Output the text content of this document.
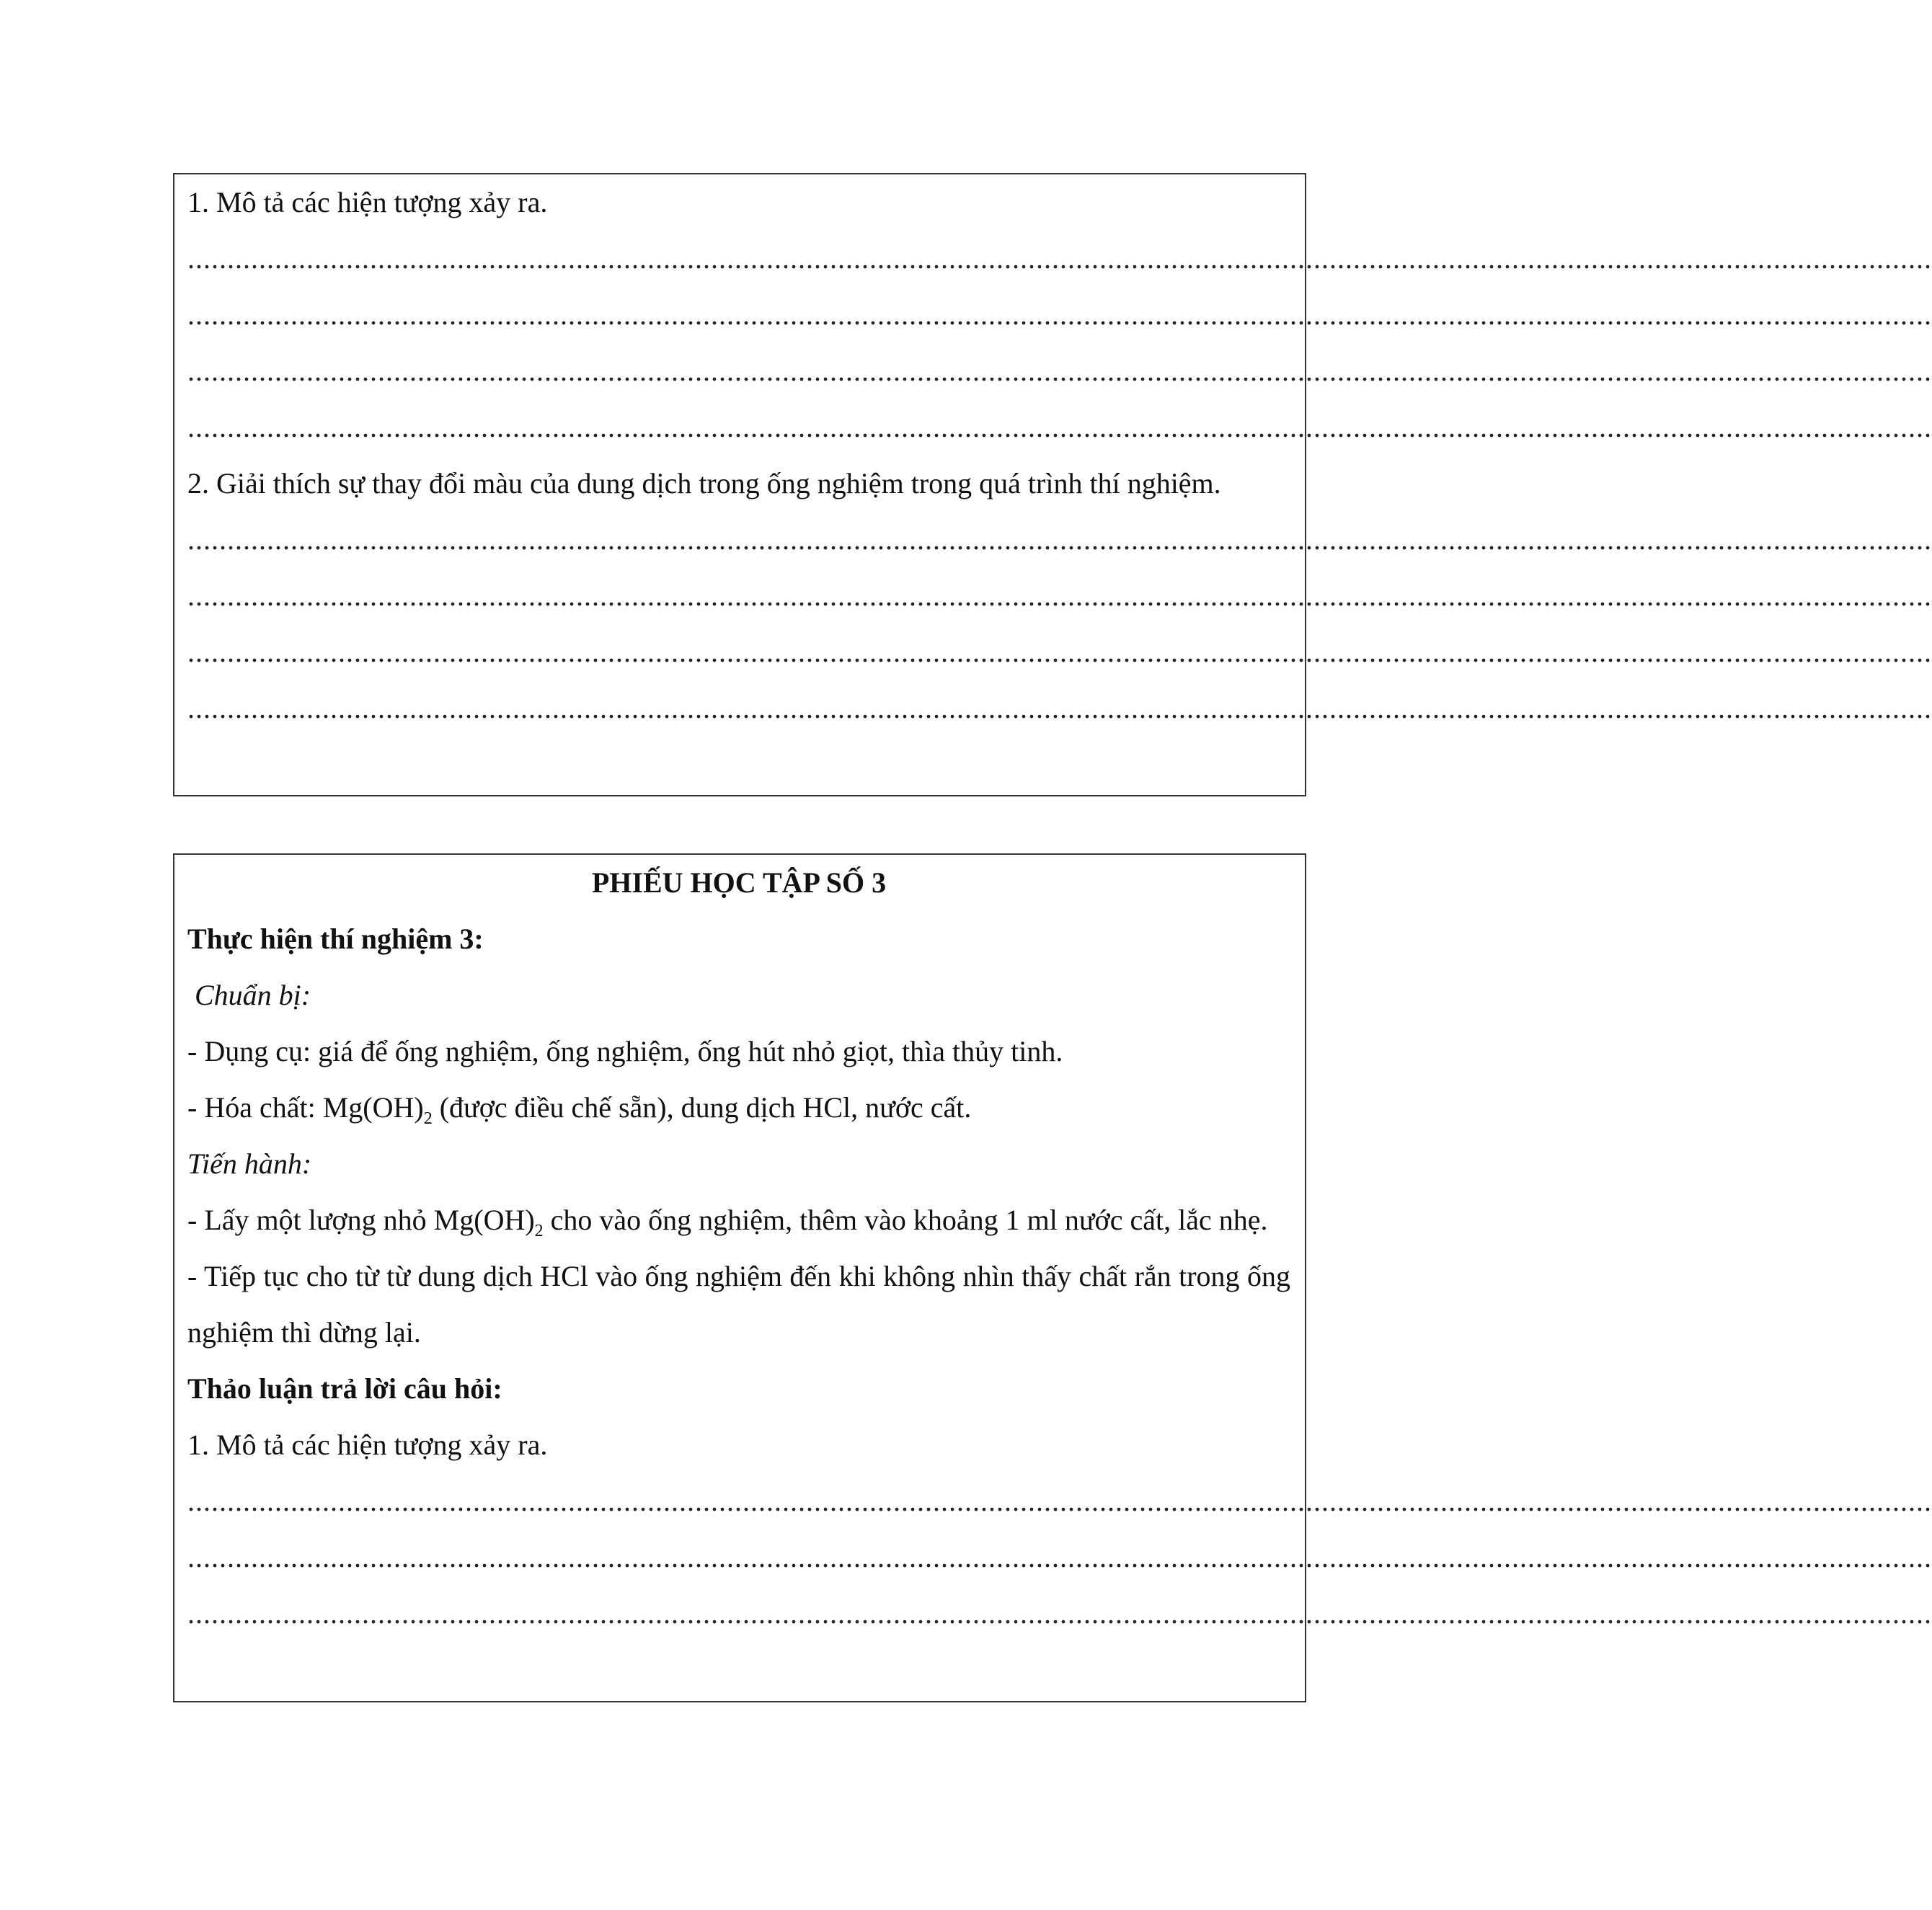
1. Mô tả các hiện tượng xảy ra.
............................................................................................................................................................................................................................
............................................................................................................................................................................................................................
............................................................................................................................................................................................................................
............................................................................................................................................................................................................................
2. Giải thích sự thay đổi màu của dung dịch trong ống nghiệm trong quá trình thí nghiệm.
............................................................................................................................................................................................................................
............................................................................................................................................................................................................................
............................................................................................................................................................................................................................
............................................................................................................................................................................................................................
PHIẾU HỌC TẬP SỐ 3
Thực hiện thí nghiệm 3:
Chuẩn bị:
- Dụng cụ: giá để ống nghiệm, ống nghiệm, ống hút nhỏ giọt, thìa thủy tinh.
- Hóa chất: $Mg(OH)_2$ (được điều chế sẵn), dung dịch HCl, nước cất.
Tiến hành:
- Lấy một lượng nhỏ $Mg(OH)_2$ cho vào ống nghiệm, thêm vào khoảng 1 ml nước cất, lắc nhẹ.
- Tiếp tục cho từ từ dung dịch HCl vào ống nghiệm đến khi không nhìn thấy chất rắn trong ống nghiệm thì dừng lại.
Thảo luận trả lời câu hỏi:
1. Mô tả các hiện tượng xảy ra.
............................................................................................................................................................................................................................
............................................................................................................................................................................................................................
............................................................................................................................................................................................................................
